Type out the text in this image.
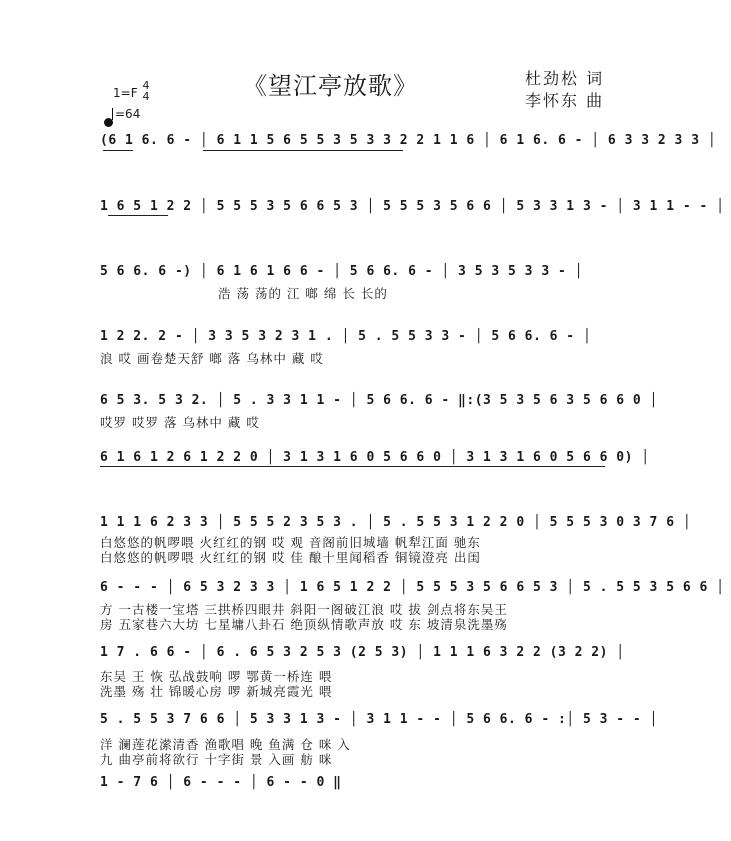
《望江亭放歌》	杜劲松 词
李怀东 曲
1=F
4
4
=64
(6 1 6. 6 - │ 6 1 1 5 6 5 5 3 5 3 3 2 2 1 1 6 │ 6 1 6. 6 - │ 6 3 3 2 3 3 │
1 6 5 1 2 2 │ 5 5 5 3 5 6 6 5 3 │ 5 5 5 3 5 6 6 │ 5 3 3 1 3 - │ 3 1 1 - - │
5 6 6. 6 -) │ 6 1 6 1 6 6 - │ 5 6 6. 6 - │ 3 5 3 5 3 3 - │
浩 荡 荡的 江 啷 绵 长 长的
1 2 2. 2 - │ 3 3 5 3 2 3 1 . │ 5 . 5 5 3 3 - │ 5 6 6. 6 - │
浪 哎 画卷楚天舒 啷 落 乌林中 藏 哎
6 5 3. 5 3 2. │ 5 . 3 3 1 1 - │ 5 6 6. 6 - ‖:(3 5 3 5 6 3 5 6 6 0 │
哎罗 哎罗 落 乌林中 藏 哎
6 1 6 1 2 6 1 2 2 0 │ 3 1 3 1 6 0 5 6 6 0 │ 3 1 3 1 6 0 5 6 6 0) │
1 1 1 6 2 3 3 │ 5 5 5 2 3 5 3 . │ 5 . 5 5 3 1 2 2 0 │ 5 5 5 3 0 3 7 6 │
白悠悠的帆啰喂 火红红的钢 哎 观 音阁前旧城墙 帆犁江面 驰东
白悠悠的帆啰喂 火红红的钢 哎 佳 酿十里闻稻香 铜镜澄亮 出闺
6 - - - │ 6 5 3 2 3 3 │ 1 6 5 1 2 2 │ 5 5 5 3 5 6 6 5 3 │ 5 . 5 5 3 5 6 6 │
方 一古楼一宝塔 三拱桥四眼井 斜阳一阁破江浪 哎 拔 剑点将东吴王
房 五家巷六大坊 七星墉八卦石 绝顶纵情歌声放 哎 东 坡清泉洗墨殇
1 7 . 6 6 - │ 6 . 6 5 3 2 5 3 (2 5 3) │ 1 1 1 6 3 2 2 (3 2 2) │
东吴 王 恢 弘战鼓响 啰 鄂黄一桥连 喂
洗墨 殇 壮 锦暖心房 啰 新城亮霞光 喂
5 . 5 5 3 7 6 6 │ 5 3 3 1 3 - │ 3 1 1 - - │ 5 6 6. 6 - :│ 5 3 - - │
洋 澜莲花潆清香 渔歌唱 晚 鱼满 仓 咪 入
九 曲亭前将欲行 十字街 景 入画 舫 咪
1 - 7 6 │ 6 - - - │ 6 - - 0 ‖
